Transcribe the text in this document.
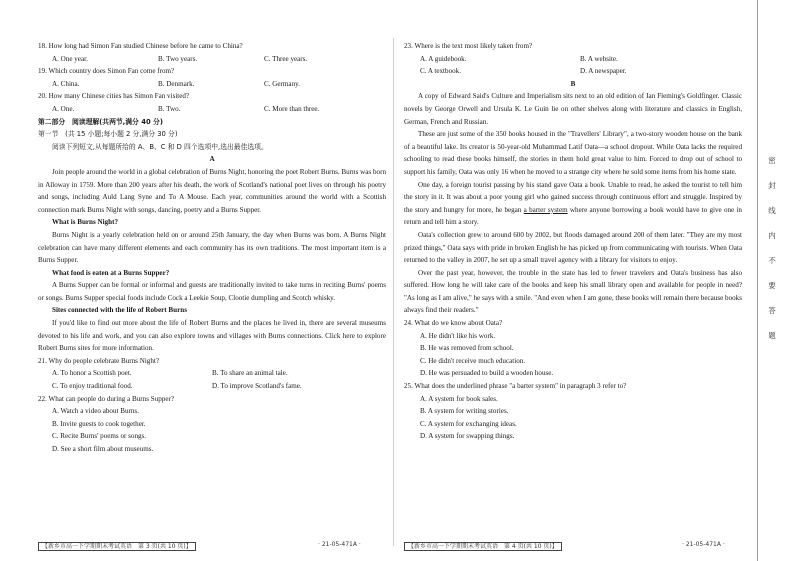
18. How long had Simon Fan studied Chinese before he came to China?
A. One year.	B. Two years.	C. Three years.
19. Which country does Simon Fan come from?
A. China.	B. Denmark.	C. Germany.
20. How many Chinese cities has Simon Fan visited?
A. One.	B. Two.	C. More than three.
第二部分　阅读理解(共两节,满分 40 分)
第一节　(共 15 小题;每小题 2 分,满分 30 分)
阅读下列短文,从每题所给的 A、B、C 和 D 四个选项中,选出最佳选项。
A
Join people around the world in a global celebration of Burns Night, honoring the poet Robert Burns. Burns was born in Alloway in 1759. More than 200 years after his death, the work of Scotland's national poet lives on through his poetry and songs, including Auld Lang Syne and To A Mouse. Each year, communities around the world with a Scottish connection mark Burns Night with songs, dancing, poetry and a Burns Supper.
What is Burns Night?
Burns Night is a yearly celebration held on or around 25th January, the day when Burns was born. A Burns Night celebration can have many different elements and each community has its own traditions. The most important item is a Burns Supper.
What food is eaten at a Burns Supper?
A Burns Supper can be formal or informal and guests are traditionally invited to take turns in reciting Burns' poems or songs. Burns Supper special foods include Cock a Leekie Soup, Clootie dumpling and Scotch whisky.
Sites connected with the life of Robert Burns
If you'd like to find out more about the life of Robert Burns and the places he lived in, there are several museums devoted to his life and work, and you can also explore towns and villages with Burns connections. Click here to explore Robert Burns sites for more information.
21. Why do people celebrate Burns Night?
A. To honor a Scottish poet.	B. To share an animal tale.
C. To enjoy traditional food.	D. To improve Scotland's fame.
22. What can people do during a Burns Supper?
A. Watch a video about Burns.
B. Invite guests to cook together.
C. Recite Burns' poems or songs.
D. See a short film about museums.
23. Where is the text most likely taken from?
A. A guidebook.	B. A website.
C. A textbook.	D. A newspaper.
B
A copy of Edward Said's Culture and Imperialism sits next to an old edition of Ian Fleming's Goldfinger. Classic novels by George Orwell and Ursula K. Le Guin lie on other shelves along with literature and classics in English, German, French and Russian.
These are just some of the 350 books housed in the "Travellers' Library", a two-story wooden house on the bank of a beautiful lake. Its creator is 50-year-old Muhammad Latif Oata—a school dropout. While Oata lacks the required schooling to read these books himself, the stories in them hold great value to him. Forced to drop out of school to support his family, Oata was only 16 when he moved to a strange city where he sold some items from his home state.
One day, a foreign tourist passing by his stand gave Oata a book. Unable to read, he asked the tourist to tell him the story in it. It was about a poor young girl who gained success through continuous effort and struggle. Inspired by the story and hungry for more, he began a barter system where anyone borrowing a book would have to give one in return and tell him a story.
Oata's collection grew to around 600 by 2002, but floods damaged around 200 of them later. "They are my most prized things," Oata says with pride in broken English he has picked up from communicating with tourists. When Oata returned to the valley in 2007, he set up a small travel agency with a library for visitors to enjoy.
Over the past year, however, the trouble in the state has led to fewer travelers and Oata's business has also suffered. How long he will take care of the books and keep his small library open and available for people in need? "As long as I am alive," he says with a smile. "And even when I am gone, these books will remain there because books always find their readers."
24. What do we know about Oata?
A. He didn't like his work.
B. He was removed from school.
C. He didn't receive much education.
D. He was persuaded to build a wooden house.
25. What does the underlined phrase "a barter system" in paragraph 3 refer to?
A. A system for book sales.
B. A system for writing stories.
C. A system for exchanging ideas.
D. A system for swapping things.
【新乡市高一下学期期末考试英语　第 3 页(共 10 页)】	· 21-05-471A ·	【新乡市高一下学期期末考试英语　第 4 页(共 10 页)】	· 21-05-471A ·
密
封
线
内
不
要
答
题
